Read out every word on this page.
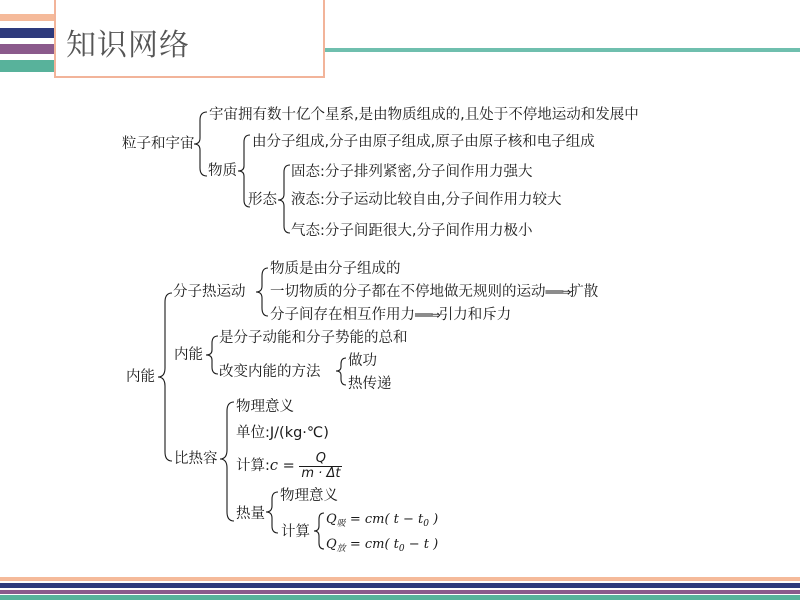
知识网络
粒子和宇宙
宇宙拥有数十亿个星系,是由物质组成的,且处于不停地运动和发展中
物质
由分子组成,分子由原子组成,原子由原子核和电子组成
形态
固态:分子排列紧密,分子间作用力强大
液态:分子运动比较自由,分子间作用力较大
气态:分子间距很大,分子间作用力极小
内能
分子热运动
物质是由分子组成的
一切物质的分子都在不停地做无规则的运动═══⇒扩散
分子间存在相互作用力═══⇒引力和斥力
内能
是分子动能和分子势能的总和
改变内能的方法
做功
热传递
比热容
物理意义
单位:J/(kg·℃)
计算:c = $\frac{Q}{m \cdot \Delta t}$
热量
物理意义
计算
$Q_吸 = cm$( $t - t_0$ )
$Q_放 = cm$( $t_0 - t$ )
